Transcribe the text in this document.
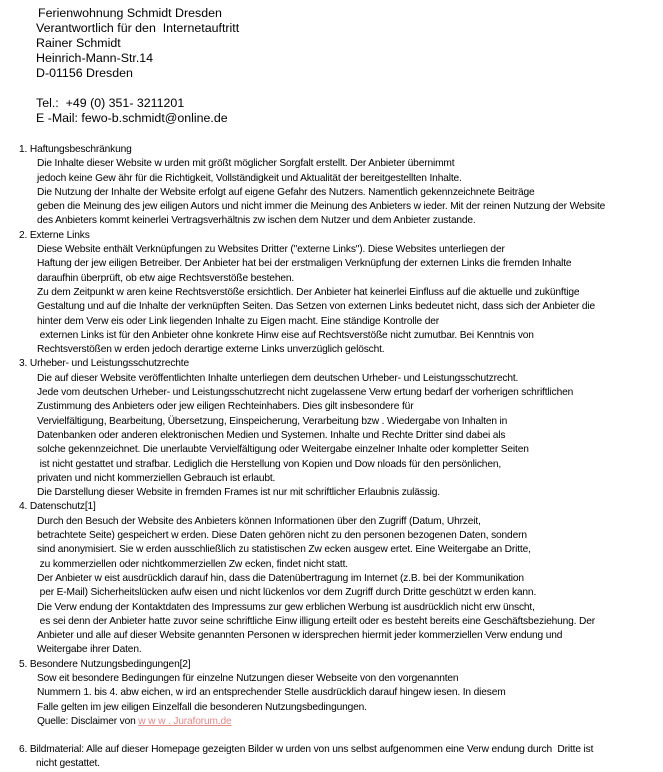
Ferienwohnung Schmidt Dresden
Verantwortlich für den  Internetauftritt
Rainer Schmidt
Heinrich-Mann-Str.14
D-01156 Dresden
Tel.:  +49 (0) 351- 3211201
E -Mail: fewo-b.schmidt@online.de
1. Haftungsbeschränkung
Die Inhalte dieser Website w urden mit größt möglicher Sorgfalt erstellt. Der Anbieter übernimmt
jedoch keine Gew ähr für die Richtigkeit, Vollständigkeit und Aktualität der bereitgestellten Inhalte.
Die Nutzung der Inhalte der Website erfolgt auf eigene Gefahr des Nutzers. Namentlich gekennzeichnete Beiträge
geben die Meinung des jew eiligen Autors und nicht immer die Meinung des Anbieters w ieder. Mit der reinen Nutzung der Website
des Anbieters kommt keinerlei Vertragsverhältnis zw ischen dem Nutzer und dem Anbieter zustande.
2. Externe Links
Diese Website enthält Verknüpfungen zu Websites Dritter ("externe Links"). Diese Websites unterliegen der
Haftung der jew eiligen Betreiber. Der Anbieter hat bei der erstmaligen Verknüpfung der externen Links die fremden Inhalte
daraufhin überprüft, ob etw aige Rechtsverstöße bestehen.
Zu dem Zeitpunkt w aren keine Rechtsverstöße ersichtlich. Der Anbieter hat keinerlei Einfluss auf die aktuelle und zukünftige
Gestaltung und auf die Inhalte der verknüpften Seiten. Das Setzen von externen Links bedeutet nicht, dass sich der Anbieter die
hinter dem Verw eis oder Link liegenden Inhalte zu Eigen macht. Eine ständige Kontrolle der
externen Links ist für den Anbieter ohne konkrete Hinw eise auf Rechtsverstöße nicht zumutbar. Bei Kenntnis von
Rechtsverstößen w erden jedoch derartige externe Links unverzüglich gelöscht.
3. Urheber- und Leistungsschutzrechte
Die auf dieser Website veröffentlichten Inhalte unterliegen dem deutschen Urheber- und Leistungsschutzrecht.
Jede vom deutschen Urheber- und Leistungsschutzrecht nicht zugelassene Verw ertung bedarf der vorherigen schriftlichen
Zustimmung des Anbieters oder jew eiligen Rechteinhabers. Dies gilt insbesondere für
Vervielfältigung, Bearbeitung, Übersetzung, Einspeicherung, Verarbeitung bzw . Wiedergabe von Inhalten in
Datenbanken oder anderen elektronischen Medien und Systemen. Inhalte und Rechte Dritter sind dabei als
solche gekennzeichnet. Die unerlaubte Vervielfältigung oder Weitergabe einzelner Inhalte oder kompletter Seiten
ist nicht gestattet und strafbar. Lediglich die Herstellung von Kopien und Dow nloads für den persönlichen,
privaten und nicht kommerziellen Gebrauch ist erlaubt.
Die Darstellung dieser Website in fremden Frames ist nur mit schriftlicher Erlaubnis zulässig.
4. Datenschutz[1]
Durch den Besuch der Website des Anbieters können Informationen über den Zugriff (Datum, Uhrzeit,
betrachtete Seite) gespeichert w erden. Diese Daten gehören nicht zu den personen bezogenen Daten, sondern
sind anonymisiert. Sie w erden ausschließlich zu statistischen Zw ecken ausgew ertet. Eine Weitergabe an Dritte,
zu kommerziellen oder nichtkommerziellen Zw ecken, findet nicht statt.
Der Anbieter w eist ausdrücklich darauf hin, dass die Datenübertragung im Internet (z.B. bei der Kommunikation
per E-Mail) Sicherheitslücken aufw eisen und nicht lückenlos vor dem Zugriff durch Dritte geschützt w erden kann.
Die Verw endung der Kontaktdaten des Impressums zur gew erblichen Werbung ist ausdrücklich nicht erw ünscht,
es sei denn der Anbieter hatte zuvor seine schriftliche Einw illigung erteilt oder es besteht bereits eine Geschäftsbeziehung. Der
Anbieter und alle auf dieser Website genannten Personen w idersprechen hiermit jeder kommerziellen Verw endung und
Weitergabe ihrer Daten.
5. Besondere Nutzungsbedingungen[2]
Sow eit besondere Bedingungen für einzelne Nutzungen dieser Webseite von den vorgenannten
Nummern 1. bis 4. abw eichen, w ird an entsprechender Stelle ausdrücklich darauf hingew iesen. In diesem
Falle gelten im jew eiligen Einzelfall die besonderen Nutzungsbedingungen.
Quelle: Disclaimer von w w w . Juraforum.de
6. Bildmaterial: Alle auf dieser Homepage gezeigten Bilder w urden von uns selbst aufgenommen eine Verw endung durch  Dritte ist
nicht gestattet.
